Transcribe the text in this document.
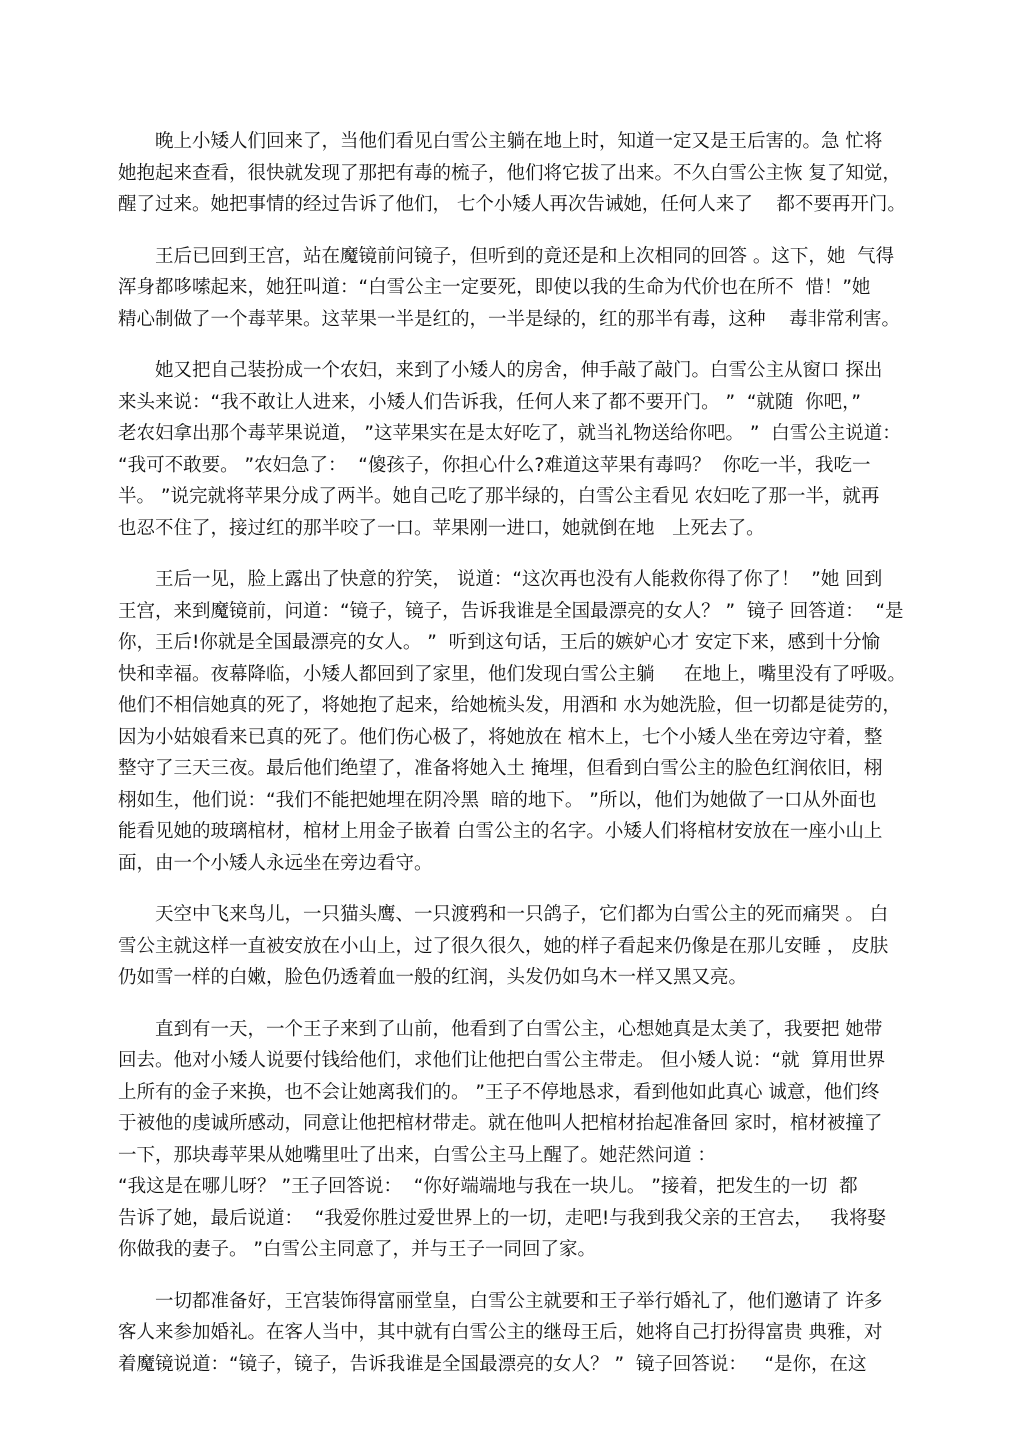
晚上小矮人们回来了，当他们看见白雪公主躺在地上时，知道一定又是王后害的。急 忙将
她抱起来查看，很快就发现了那把有毒的梳子，他们将它拔了出来。不久白雪公主恢 复了知觉，
醒了过来。她把事情的经过告诉了他们， 七个小矮人再次告诫她，任何人来了    都不要再开门。
王后已回到王宫，站在魔镜前问镜子，但听到的竟还是和上次相同的回答 。这下，她  气得
浑身都哆嗦起来，她狂叫道：“白雪公主一定要死，即使以我的生命为代价也在所不  惜！”她
精心制做了一个毒苹果。这苹果一半是红的，一半是绿的，红的那半有毒，这种    毒非常利害。
她又把自己装扮成一个农妇，来到了小矮人的房舍，伸手敲了敲门。白雪公主从窗口 探出
来头来说：“我不敢让人进来，小矮人们告诉我，任何人来了都不要开门。 ”  “就随  你吧，”
老农妇拿出那个毒苹果说道， ”这苹果实在是太好吃了，就当礼物送给你吧。 ”  白雪公主说道：
“我可不敢要。 ”农妇急了：  “傻孩子，你担心什么?难道这苹果有毒吗？  你吃一半，我吃一
半。 ”说完就将苹果分成了两半。她自己吃了那半绿的，白雪公主看见 农妇吃了那一半，就再
也忍不住了，接过红的那半咬了一口。苹果刚一进口，她就倒在地   上死去了。
王后一见，脸上露出了快意的狞笑， 说道：“这次再也没有人能救你得了你了！  ”她 回到
王宫，来到魔镜前，问道：“镜子，镜子，告诉我谁是全国最漂亮的女人？ ”  镜子 回答道：  “是
你，王后!你就是全国最漂亮的女人。 ”  听到这句话，王后的嫉妒心才 安定下来，感到十分愉
快和幸福。夜幕降临，小矮人都回到了家里，他们发现白雪公主躺     在地上，嘴里没有了呼吸。
他们不相信她真的死了，将她抱了起来，给她梳头发，用酒和 水为她洗脸，但一切都是徒劳的，
因为小姑娘看来已真的死了。他们伤心极了，将她放在 棺木上，七个小矮人坐在旁边守着，整
整守了三天三夜。最后他们绝望了，准备将她入土 掩埋，但看到白雪公主的脸色红润依旧，栩
栩如生，他们说：“我们不能把她埋在阴冷黑  暗的地下。 ”所以，他们为她做了一口从外面也
能看见她的玻璃棺材，棺材上用金子嵌着 白雪公主的名字。小矮人们将棺材安放在一座小山上
面，由一个小矮人永远坐在旁边看守。
天空中飞来鸟儿，一只猫头鹰、一只渡鸦和一只鸽子，它们都为白雪公主的死而痛哭 。 白
雪公主就这样一直被安放在小山上，过了很久很久，她的样子看起来仍像是在那儿安睡 ， 皮肤
仍如雪一样的白嫩，脸色仍透着血一般的红润，头发仍如乌木一样又黑又亮。
直到有一天，一个王子来到了山前，他看到了白雪公主，心想她真是太美了，我要把 她带
回去。他对小矮人说要付钱给他们，求他们让他把白雪公主带走。 但小矮人说：“就  算用世界
上所有的金子来换，也不会让她离我们的。 ”王子不停地恳求，看到他如此真心 诚意，他们终
于被他的虔诚所感动，同意让他把棺材带走。就在他叫人把棺材抬起准备回 家时，棺材被撞了
一下，那块毒苹果从她嘴里吐了出来，白雪公主马上醒了。她茫然问道 ：
“我这是在哪儿呀？ ”王子回答说：  “你好端端地与我在一块儿。 ”接着，把发生的一切  都
告诉了她，最后说道：  “我爱你胜过爱世界上的一切，走吧!与我到我父亲的王宫去，   我将娶
你做我的妻子。 ”白雪公主同意了，并与王子一同回了家。
一切都准备好，王宫装饰得富丽堂皇，白雪公主就要和王子举行婚礼了，他们邀请了 许多
客人来参加婚礼。在客人当中，其中就有白雪公主的继母王后，她将自己打扮得富贵 典雅，对
着魔镜说道：“镜子，镜子，告诉我谁是全国最漂亮的女人？ ”  镜子回答说：   “是你，在这
